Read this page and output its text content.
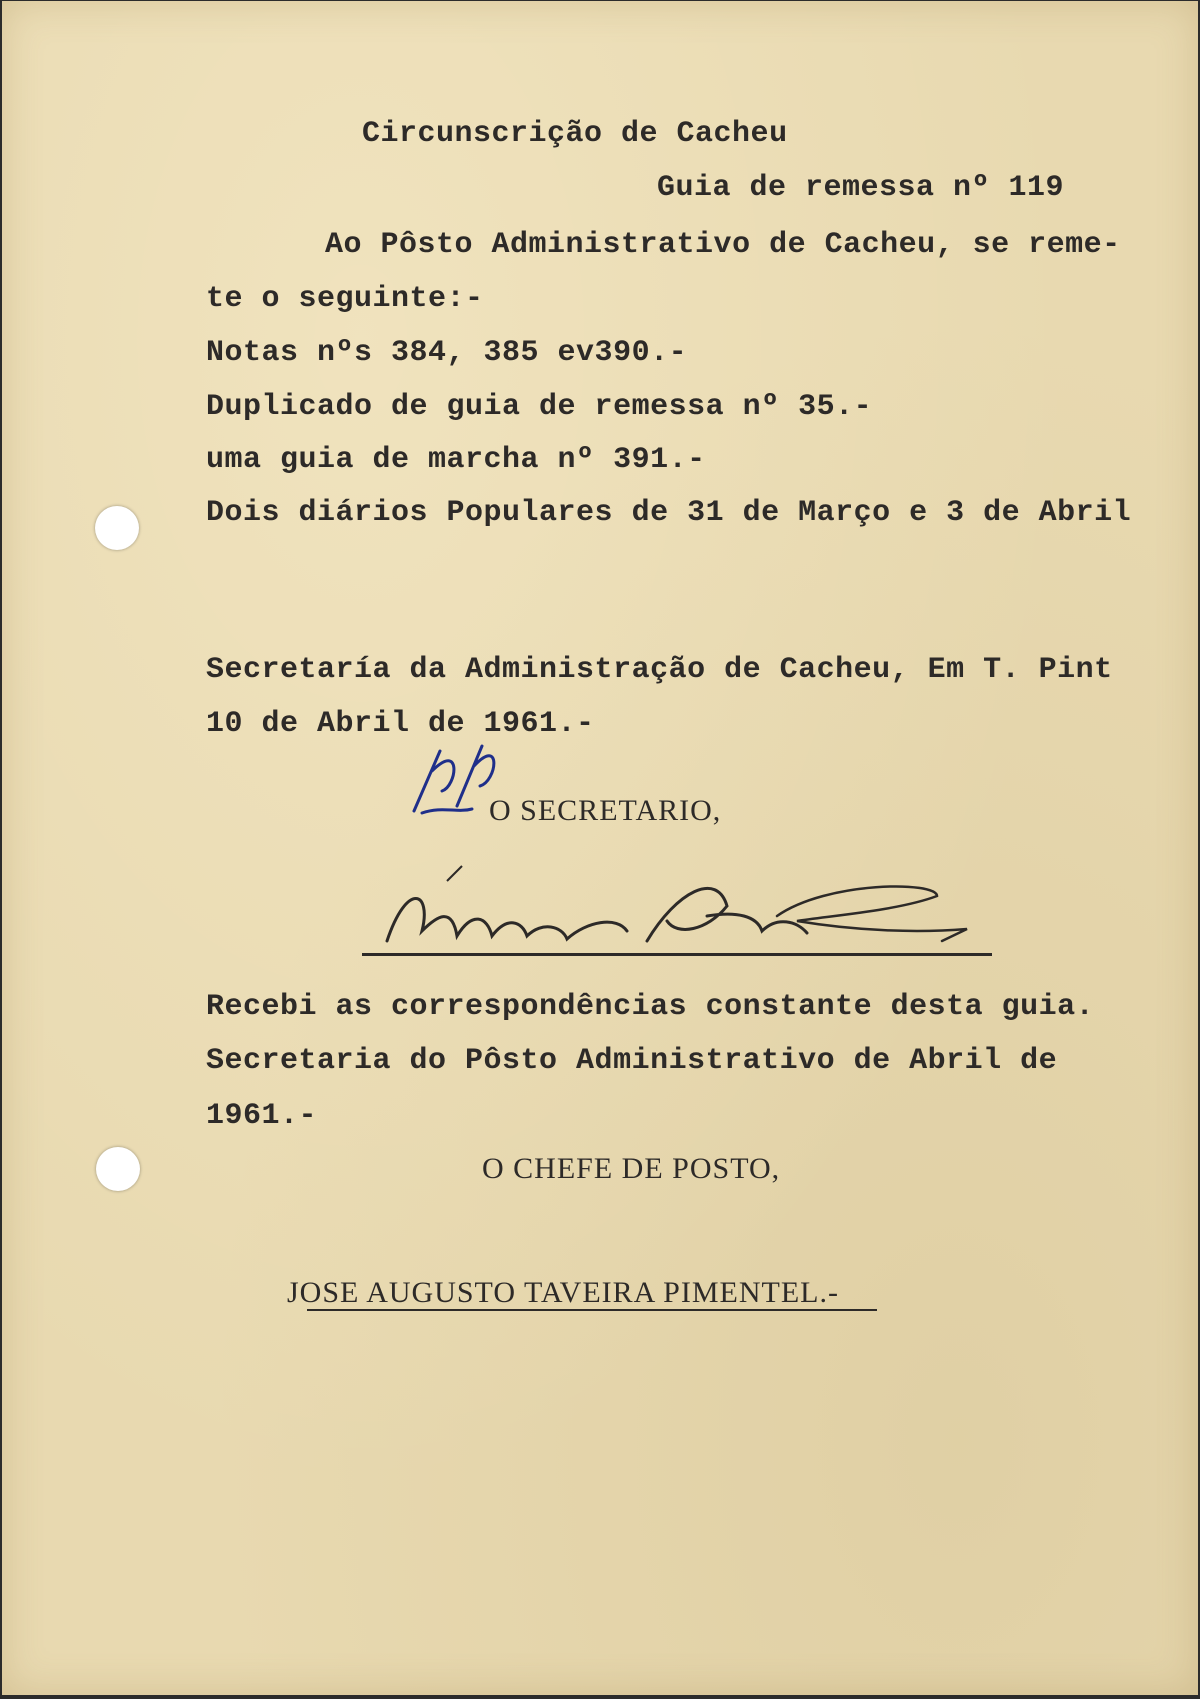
Circunscrição de Cacheu
Guia de remessa nº 119
Ao Pôsto Administrativo de Cacheu, se reme-
te o seguinte:-
Notas nºs 384, 385 ev390.-
Duplicado de guia de remessa nº 35.-
uma guia de marcha nº 391.-
Dois diários Populares de 31 de Março e 3 de Abril
Secretaría da Administração de Cacheu, Em T. Pint
10 de Abril de 1961.-
O SECRETARIO,
Recebi as correspondências constante desta guia.
Secretaria do Pôsto Administrativo de Abril de
1961.-
O CHEFE DE POSTO,
JOSE AUGUSTO TAVEIRA PIMENTEL.-
